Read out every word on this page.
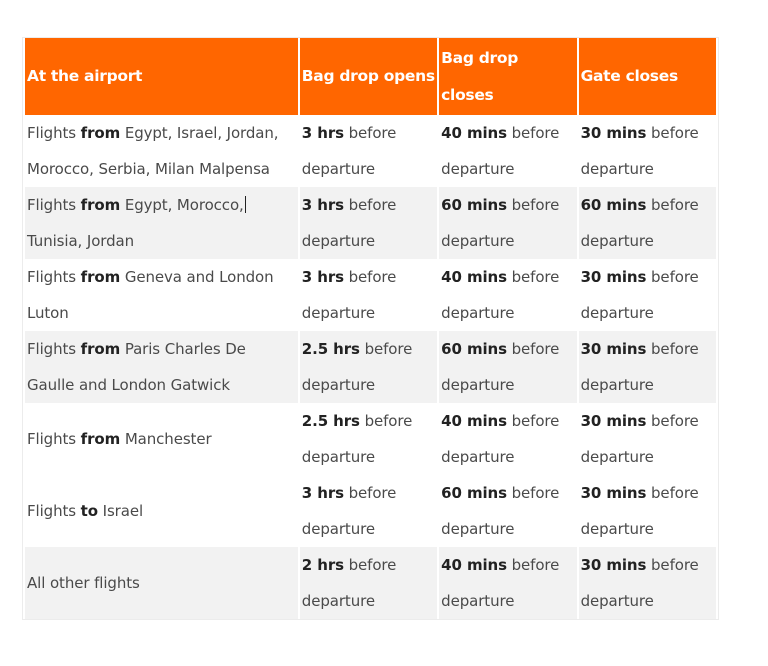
At the airport	Bag drop opens	Bag drop closes	Gate closes
Flights from Egypt, Israel, Jordan, Morocco, Serbia, Milan Malpensa	3 hrs before departure	40 mins before departure	30 mins before departure
Flights from Egypt, Morocco, Tunisia, Jordan	3 hrs before departure	60 mins before departure	60 mins before departure
Flights from Geneva and London Luton	3 hrs before departure	40 mins before departure	30 mins before departure
Flights from Paris Charles De Gaulle and London Gatwick	2.5 hrs before departure	60 mins before departure	30 mins before departure
Flights from Manchester	2.5 hrs before departure	40 mins before departure	30 mins before departure
Flights to Israel	3 hrs before departure	60 mins before departure	30 mins before departure
All other flights	2 hrs before departure	40 mins before departure	30 mins before departure
